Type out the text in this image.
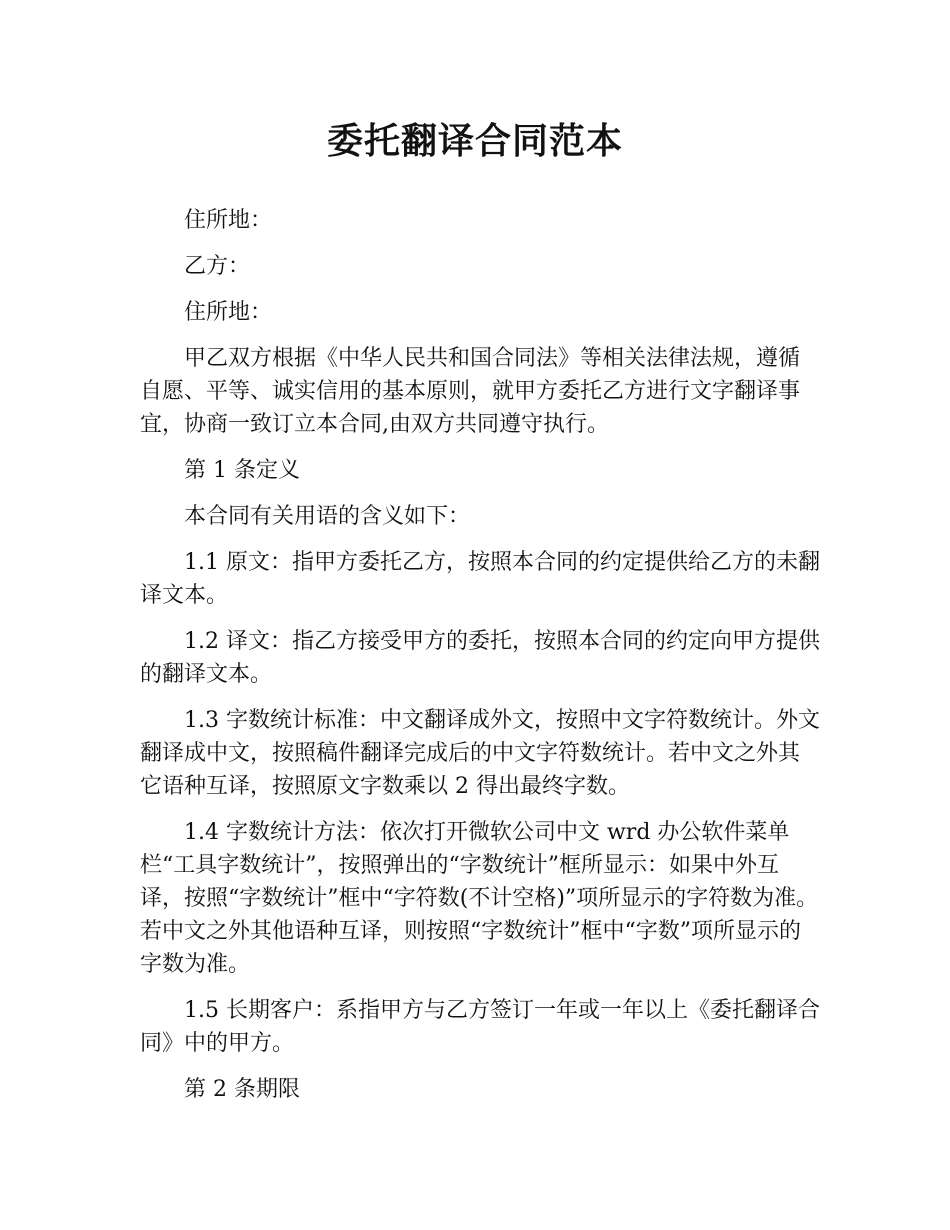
委托翻译合同范本

住所地：

乙方：

住所地：

甲乙双方根据《中华人民共和国合同法》等相关法律法规，遵循自愿、平等、诚实信用的基本原则，就甲方委托乙方进行文字翻译事宜，协商一致订立本合同,由双方共同遵守执行。

第 1 条定义

本合同有关用语的含义如下：

1.1 原文：指甲方委托乙方，按照本合同的约定提供给乙方的未翻译文本。

1.2 译文：指乙方接受甲方的委托，按照本合同的约定向甲方提供的翻译文本。

1.3 字数统计标准：中文翻译成外文，按照中文字符数统计。外文翻译成中文，按照稿件翻译完成后的中文字符数统计。若中文之外其它语种互译，按照原文字数乘以 2 得出最终字数。

1.4 字数统计方法：依次打开微软公司中文 wrd 办公软件菜单栏“工具字数统计”，按照弹出的“字数统计”框所显示：如果中外互译，按照“字数统计”框中“字符数(不计空格)”项所显示的字符数为准。若中文之外其他语种互译，则按照“字数统计”框中“字数”项所显示的字数为准。

1.5 长期客户：系指甲方与乙方签订一年或一年以上《委托翻译合同》中的甲方。

第 2 条期限
